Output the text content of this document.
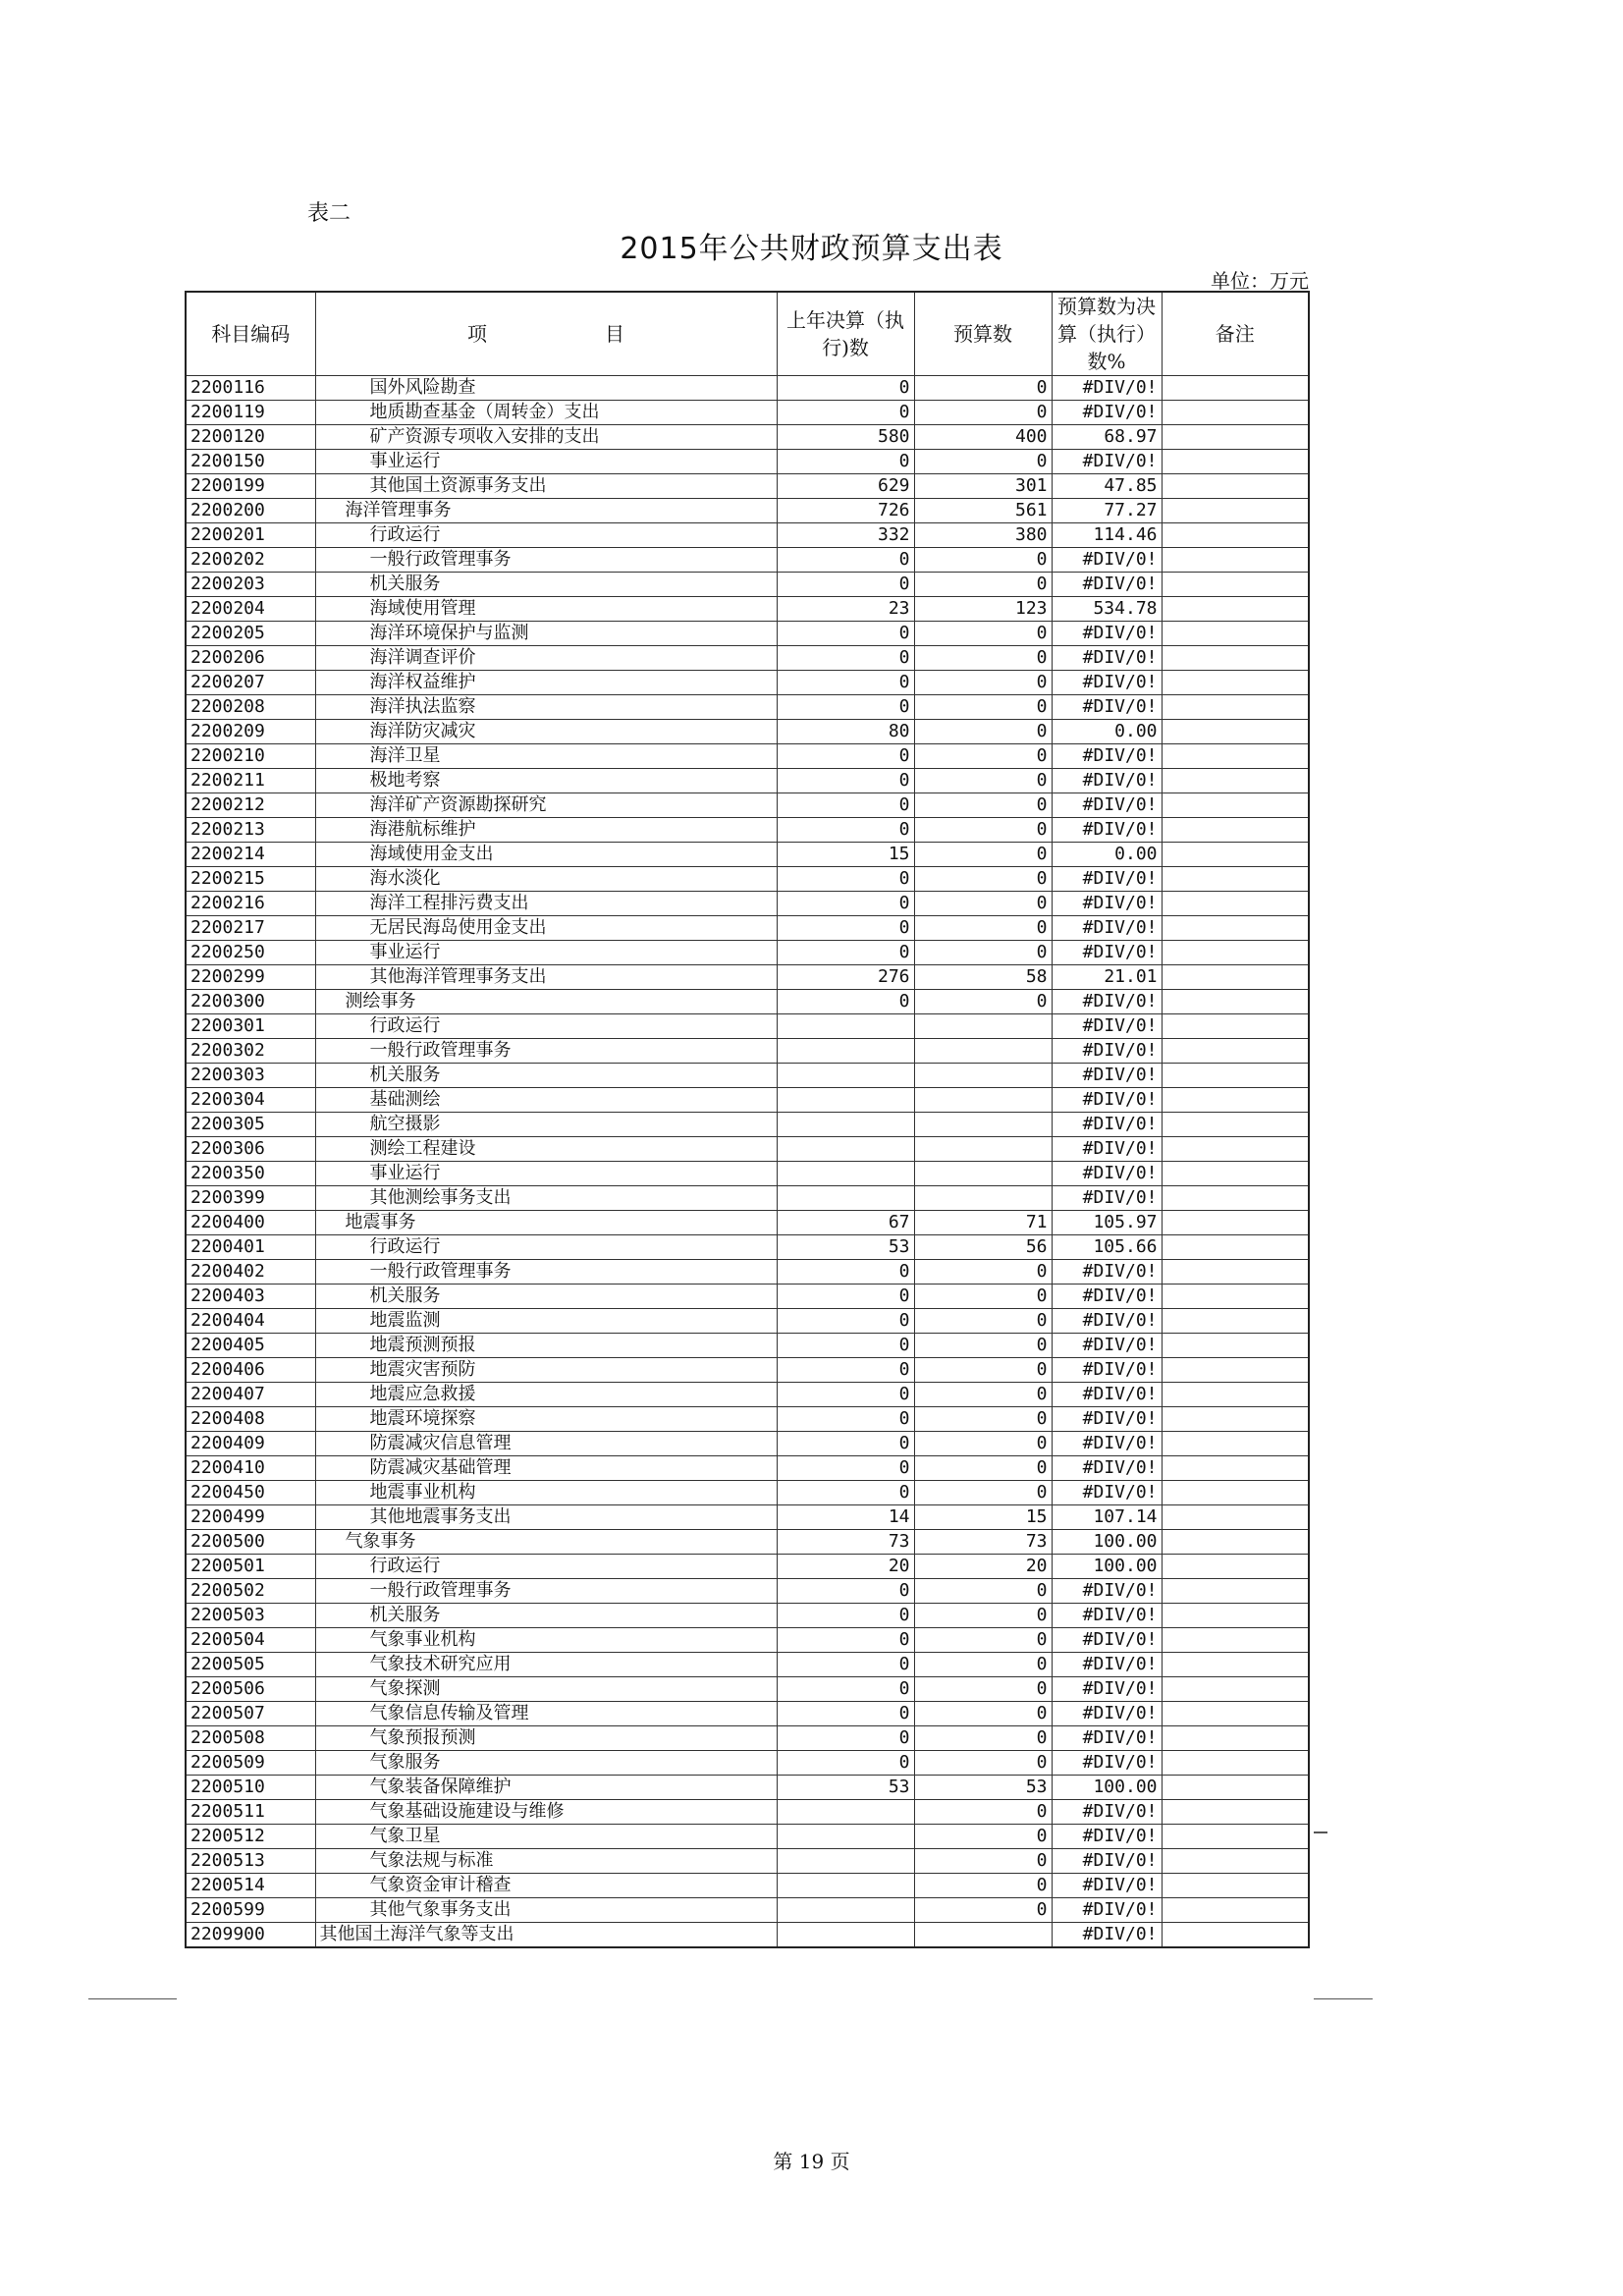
表二
2015年公共财政预算支出表
单位：万元
科目编码	项　　　　　　目	上年决算（执行)数	预算数	预算数为决算（执行）数%	备注
2200116	国外风险勘查	0	0	#DIV/0!	
2200119	地质勘查基金（周转金）支出	0	0	#DIV/0!	
2200120	矿产资源专项收入安排的支出	580	400	68.97	
2200150	事业运行	0	0	#DIV/0!	
2200199	其他国土资源事务支出	629	301	47.85	
2200200	海洋管理事务	726	561	77.27	
2200201	行政运行	332	380	114.46	
2200202	一般行政管理事务	0	0	#DIV/0!	
2200203	机关服务	0	0	#DIV/0!	
2200204	海域使用管理	23	123	534.78	
2200205	海洋环境保护与监测	0	0	#DIV/0!	
2200206	海洋调查评价	0	0	#DIV/0!	
2200207	海洋权益维护	0	0	#DIV/0!	
2200208	海洋执法监察	0	0	#DIV/0!	
2200209	海洋防灾减灾	80	0	0.00	
2200210	海洋卫星	0	0	#DIV/0!	
2200211	极地考察	0	0	#DIV/0!	
2200212	海洋矿产资源勘探研究	0	0	#DIV/0!	
2200213	海港航标维护	0	0	#DIV/0!	
2200214	海域使用金支出	15	0	0.00	
2200215	海水淡化	0	0	#DIV/0!	
2200216	海洋工程排污费支出	0	0	#DIV/0!	
2200217	无居民海岛使用金支出	0	0	#DIV/0!	
2200250	事业运行	0	0	#DIV/0!	
2200299	其他海洋管理事务支出	276	58	21.01	
2200300	测绘事务	0	0	#DIV/0!	
2200301	行政运行			#DIV/0!	
2200302	一般行政管理事务			#DIV/0!	
2200303	机关服务			#DIV/0!	
2200304	基础测绘			#DIV/0!	
2200305	航空摄影			#DIV/0!	
2200306	测绘工程建设			#DIV/0!	
2200350	事业运行			#DIV/0!	
2200399	其他测绘事务支出			#DIV/0!	
2200400	地震事务	67	71	105.97	
2200401	行政运行	53	56	105.66	
2200402	一般行政管理事务	0	0	#DIV/0!	
2200403	机关服务	0	0	#DIV/0!	
2200404	地震监测	0	0	#DIV/0!	
2200405	地震预测预报	0	0	#DIV/0!	
2200406	地震灾害预防	0	0	#DIV/0!	
2200407	地震应急救援	0	0	#DIV/0!	
2200408	地震环境探察	0	0	#DIV/0!	
2200409	防震减灾信息管理	0	0	#DIV/0!	
2200410	防震减灾基础管理	0	0	#DIV/0!	
2200450	地震事业机构	0	0	#DIV/0!	
2200499	其他地震事务支出	14	15	107.14	
2200500	气象事务	73	73	100.00	
2200501	行政运行	20	20	100.00	
2200502	一般行政管理事务	0	0	#DIV/0!	
2200503	机关服务	0	0	#DIV/0!	
2200504	气象事业机构	0	0	#DIV/0!	
2200505	气象技术研究应用	0	0	#DIV/0!	
2200506	气象探测	0	0	#DIV/0!	
2200507	气象信息传输及管理	0	0	#DIV/0!	
2200508	气象预报预测	0	0	#DIV/0!	
2200509	气象服务	0	0	#DIV/0!	
2200510	气象装备保障维护	53	53	100.00	
2200511	气象基础设施建设与维修		0	#DIV/0!	
2200512	气象卫星		0	#DIV/0!	
2200513	气象法规与标准		0	#DIV/0!	
2200514	气象资金审计稽查		0	#DIV/0!	
2200599	其他气象事务支出		0	#DIV/0!	
2209900	其他国土海洋气象等支出			#DIV/0!	
第 19 页
